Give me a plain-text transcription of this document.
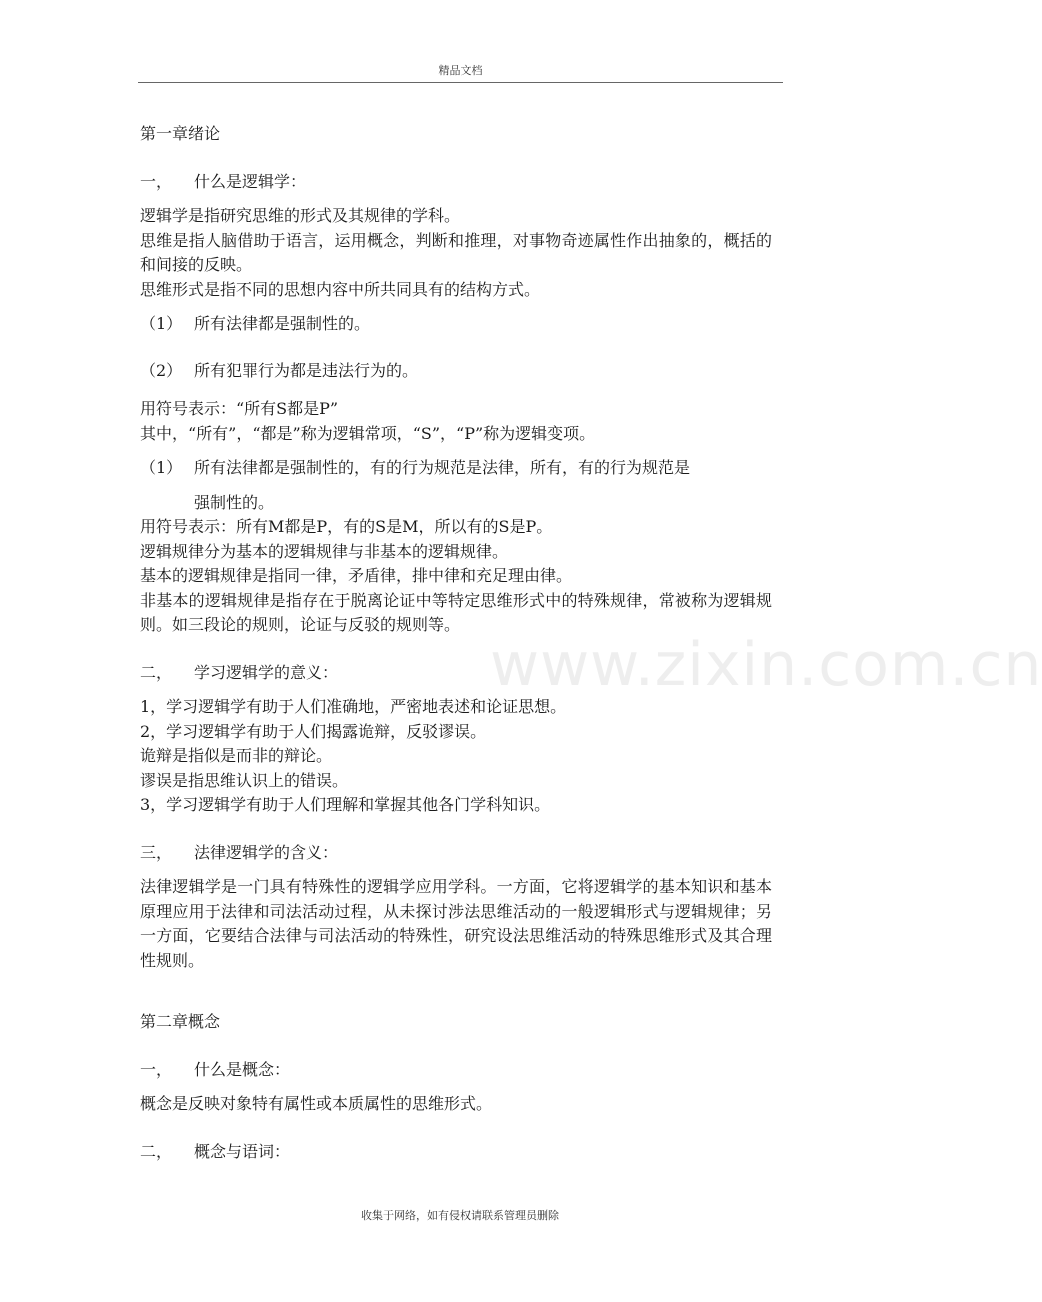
精品文档
www.zixin.com.cn

第一章绪论

一，	什么是逻辑学：

逻辑学是指研究思维的形式及其规律的学科。

思维是指人脑借助于语言，运用概念，判断和推理，对事物奇迹属性作出抽象的，概括的和间接的反映。

思维形式是指不同的思想内容中所共同具有的结构方式。

（1） 所有法律都是强制性的。
（2） 所有犯罪行为都是违法行为的。

用符号表示：“所有S都是P”

其中，“所有”，“都是”称为逻辑常项，“S”，“P”称为逻辑变项。

（1） 所有法律都是强制性的，有的行为规范是法律，所有，有的行为规范是

强制性的。

用符号表示：所有M都是P，有的S是M，所以有的S是P。

逻辑规律分为基本的逻辑规律与非基本的逻辑规律。

基本的逻辑规律是指同一律，矛盾律，排中律和充足理由律。

非基本的逻辑规律是指存在于脱离论证中等特定思维形式中的特殊规律，常被称为逻辑规则。如三段论的规则，论证与反驳的规则等。

二，	学习逻辑学的意义：

1，学习逻辑学有助于人们准确地，严密地表述和论证思想。

2，学习逻辑学有助于人们揭露诡辩，反驳谬误。

诡辩是指似是而非的辩论。

谬误是指思维认识上的错误。

3，学习逻辑学有助于人们理解和掌握其他各门学科知识。

三，	法律逻辑学的含义：

法律逻辑学是一门具有特殊性的逻辑学应用学科。一方面，它将逻辑学的基本知识和基本原理应用于法律和司法活动过程，从未探讨涉法思维活动的一般逻辑形式与逻辑规律；另一方面，它要结合法律与司法活动的特殊性，研究设法思维活动的特殊思维形式及其合理性规则。

第二章概念

一，	什么是概念：

概念是反映对象特有属性或本质属性的思维形式。

二，	概念与语词：
收集于网络，如有侵权请联系管理员删除
